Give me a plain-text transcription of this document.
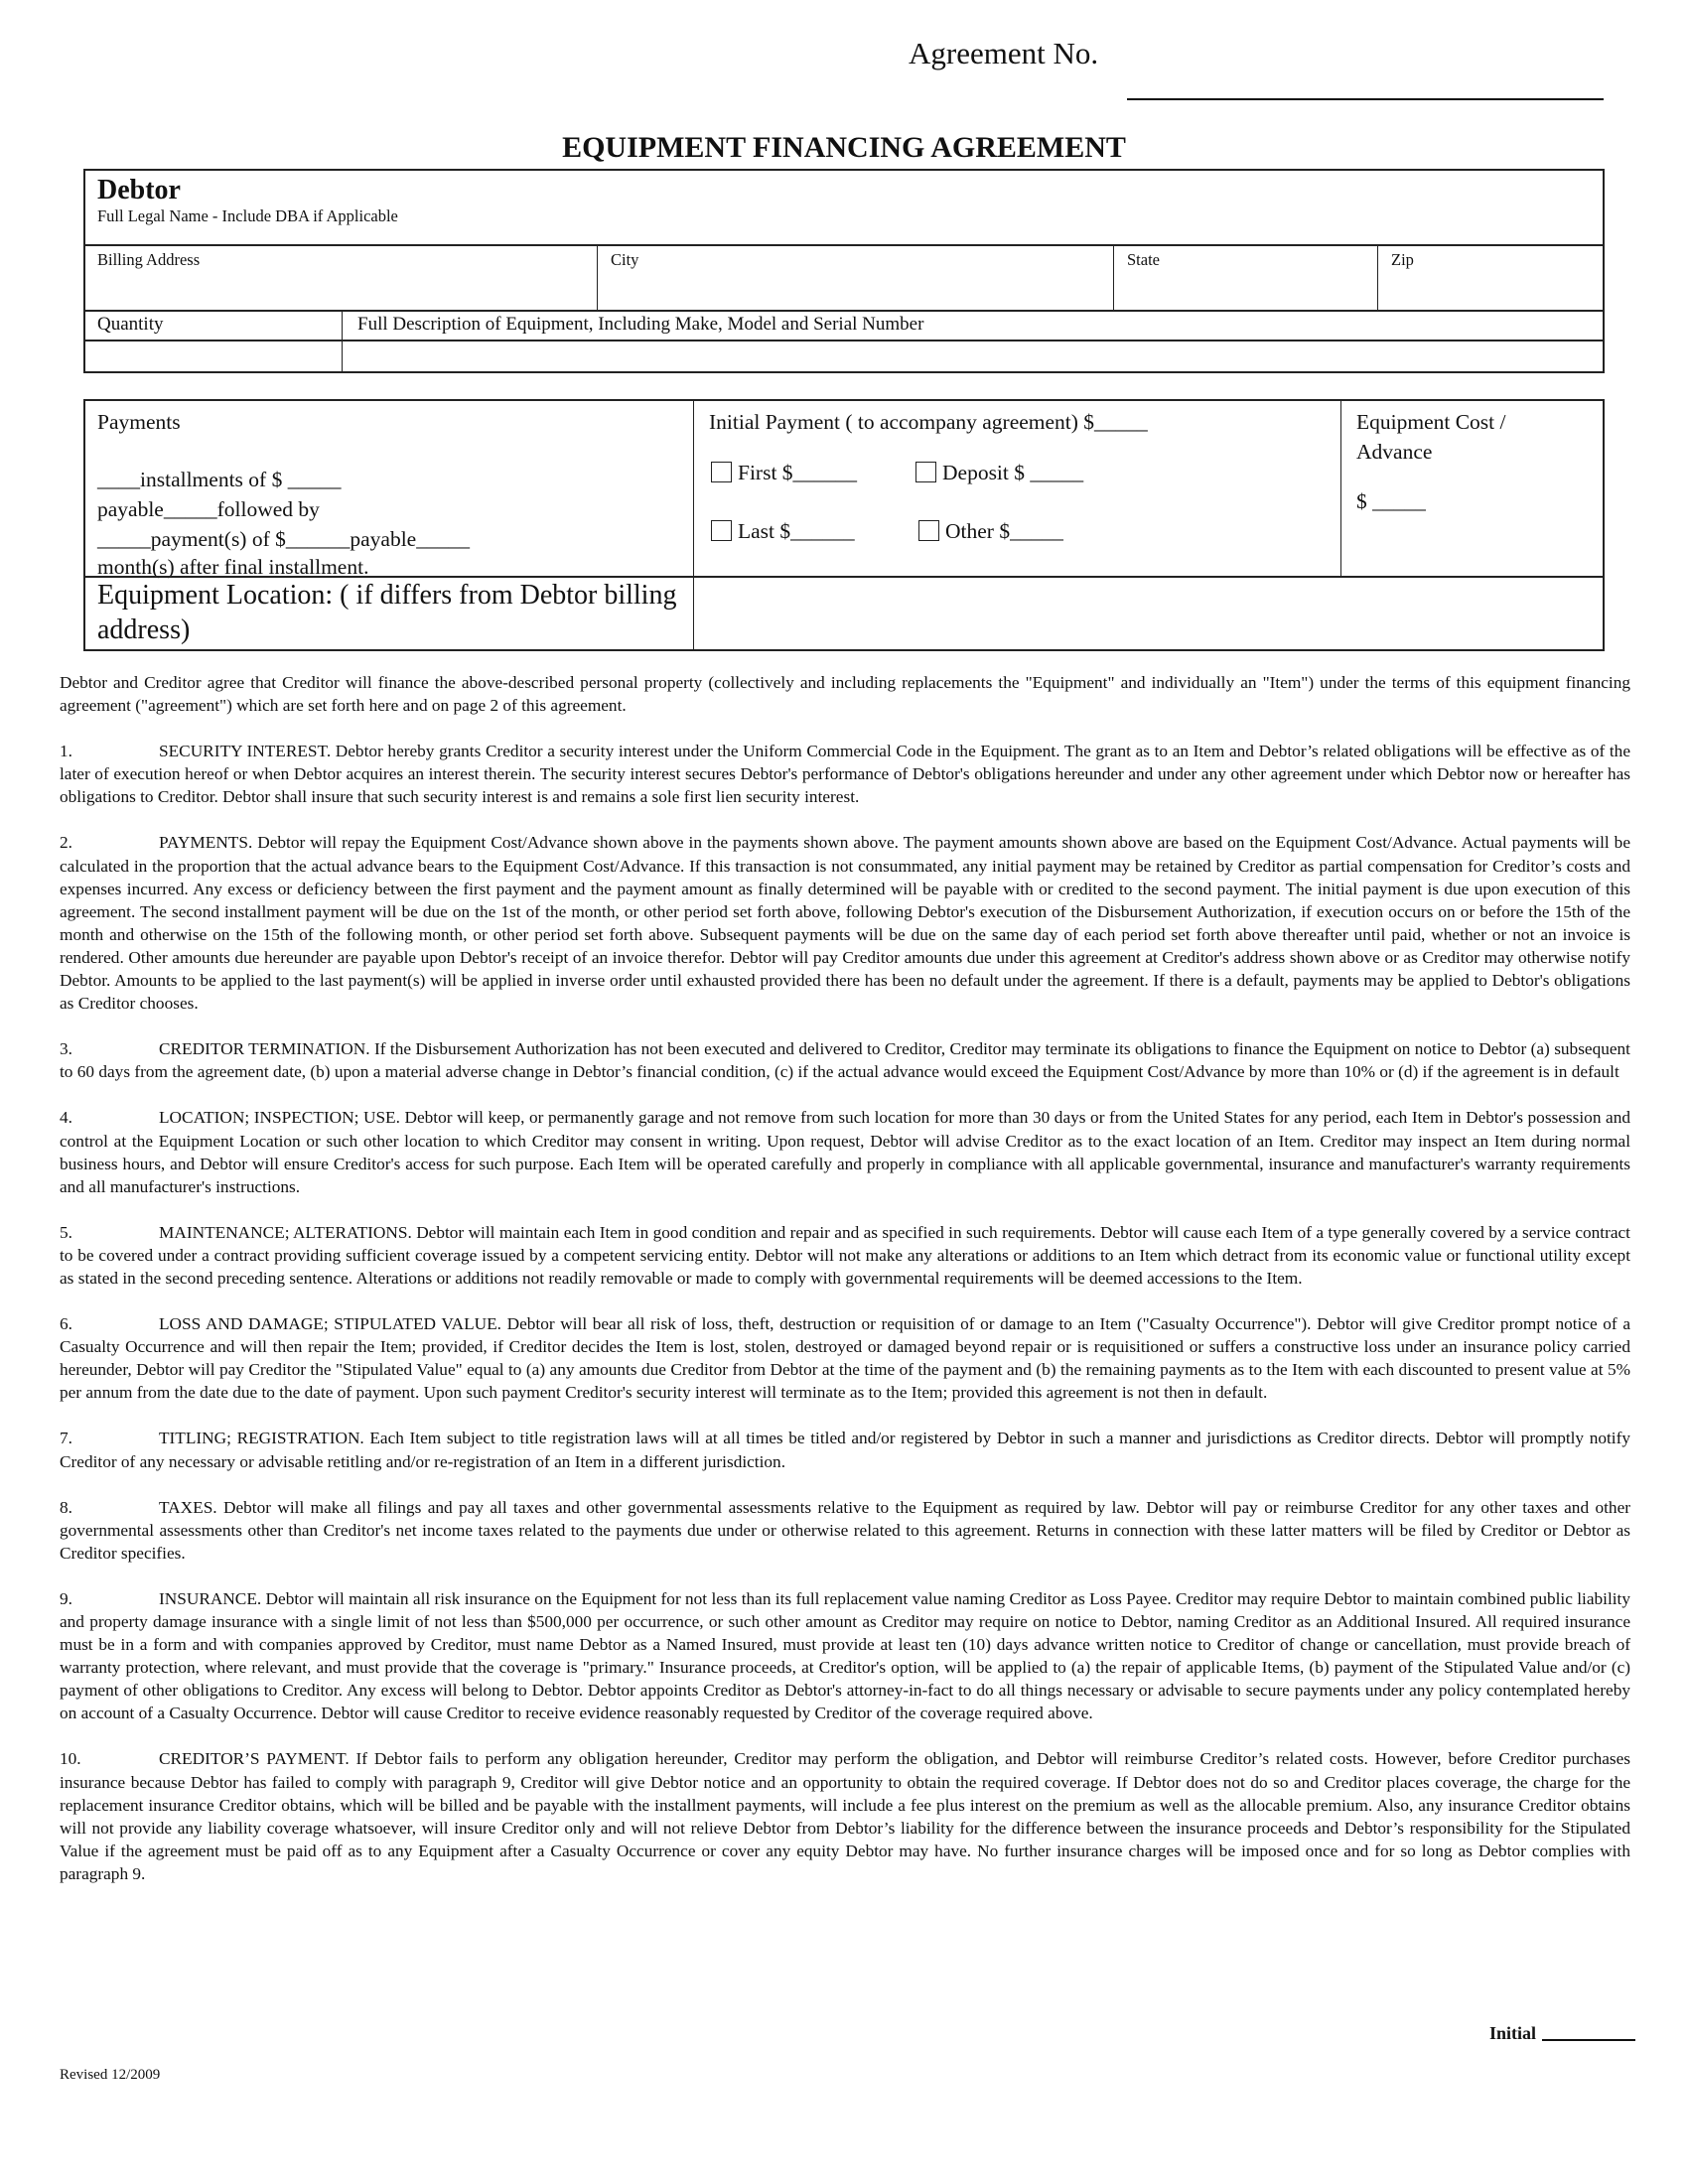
Agreement No.
EQUIPMENT FINANCING AGREEMENT
Debtor
Full Legal Name - Include DBA if Applicable
Billing Address	City	State	Zip
Quantity	Full Description of Equipment, Including Make, Model and Serial Number
Payments
____installments of $ _____
payable_____followed by
_____payment(s) of $______payable_____
month(s) after final installment.
Initial Payment ( to accompany agreement) $_____
First $______	Deposit $ _____
Last $______	Other $_____
Equipment Cost /
Advance
$ _____
Equipment Location: ( if differs from Debtor billing address)

Debtor and Creditor agree that Creditor will finance the above-described personal property (collectively and including replacements the "Equipment" and individually an "Item") under the terms of this equipment financing agreement ("agreement") which are set forth here and on page 2 of this agreement.

1.	SECURITY INTEREST. Debtor hereby grants Creditor a security interest under the Uniform Commercial Code in the Equipment. The grant as to an Item and Debtor’s related obligations will be effective as of the later of execution hereof or when Debtor acquires an interest therein. The security interest secures Debtor's performance of Debtor's obligations hereunder and under any other agreement under which Debtor now or hereafter has obligations to Creditor. Debtor shall insure that such security interest is and remains a sole first lien security interest.

2.	PAYMENTS. Debtor will repay the Equipment Cost/Advance shown above in the payments shown above. The payment amounts shown above are based on the Equipment Cost/Advance. Actual payments will be calculated in the proportion that the actual advance bears to the Equipment Cost/Advance. If this transaction is not consummated, any initial payment may be retained by Creditor as partial compensation for Creditor’s costs and expenses incurred. Any excess or deficiency between the first payment and the payment amount as finally determined will be payable with or credited to the second payment. The initial payment is due upon execution of this agreement. The second installment payment will be due on the 1st of the month, or other period set forth above, following Debtor's execution of the Disbursement Authorization, if execution occurs on or before the 15th of the month and otherwise on the 15th of the following month, or other period set forth above. Subsequent payments will be due on the same day of each period set forth above thereafter until paid, whether or not an invoice is rendered. Other amounts due hereunder are payable upon Debtor's receipt of an invoice therefor. Debtor will pay Creditor amounts due under this agreement at Creditor's address shown above or as Creditor may otherwise notify Debtor. Amounts to be applied to the last payment(s) will be applied in inverse order until exhausted provided there has been no default under the agreement. If there is a default, payments may be applied to Debtor's obligations as Creditor chooses.

3.	CREDITOR TERMINATION. If the Disbursement Authorization has not been executed and delivered to Creditor, Creditor may terminate its obligations to finance the Equipment on notice to Debtor (a) subsequent to 60 days from the agreement date, (b) upon a material adverse change in Debtor’s financial condition, (c) if the actual advance would exceed the Equipment Cost/Advance by more than 10% or (d) if the agreement is in default

4.	LOCATION; INSPECTION; USE. Debtor will keep, or permanently garage and not remove from such location for more than 30 days or from the United States for any period, each Item in Debtor's possession and control at the Equipment Location or such other location to which Creditor may consent in writing. Upon request, Debtor will advise Creditor as to the exact location of an Item. Creditor may inspect an Item during normal business hours, and Debtor will ensure Creditor's access for such purpose. Each Item will be operated carefully and properly in compliance with all applicable governmental, insurance and manufacturer's warranty requirements and all manufacturer's instructions.

5.	MAINTENANCE; ALTERATIONS. Debtor will maintain each Item in good condition and repair and as specified in such requirements. Debtor will cause each Item of a type generally covered by a service contract to be covered under a contract providing sufficient coverage issued by a competent servicing entity. Debtor will not make any alterations or additions to an Item which detract from its economic value or functional utility except as stated in the second preceding sentence. Alterations or additions not readily removable or made to comply with governmental requirements will be deemed accessions to the Item.

6.	LOSS AND DAMAGE; STIPULATED VALUE. Debtor will bear all risk of loss, theft, destruction or requisition of or damage to an Item ("Casualty Occurrence"). Debtor will give Creditor prompt notice of a Casualty Occurrence and will then repair the Item; provided, if Creditor decides the Item is lost, stolen, destroyed or damaged beyond repair or is requisitioned or suffers a constructive loss under an insurance policy carried hereunder, Debtor will pay Creditor the "Stipulated Value" equal to (a) any amounts due Creditor from Debtor at the time of the payment and (b) the remaining payments as to the Item with each discounted to present value at 5% per annum from the date due to the date of payment. Upon such payment Creditor's security interest will terminate as to the Item; provided this agreement is not then in default.

7.	TITLING; REGISTRATION. Each Item subject to title registration laws will at all times be titled and/or registered by Debtor in such a manner and jurisdictions as Creditor directs. Debtor will promptly notify Creditor of any necessary or advisable retitling and/or re-registration of an Item in a different jurisdiction.

8.	TAXES. Debtor will make all filings and pay all taxes and other governmental assessments relative to the Equipment as required by law. Debtor will pay or reimburse Creditor for any other taxes and other governmental assessments other than Creditor's net income taxes related to the payments due under or otherwise related to this agreement. Returns in connection with these latter matters will be filed by Creditor or Debtor as Creditor specifies.

9.	INSURANCE. Debtor will maintain all risk insurance on the Equipment for not less than its full replacement value naming Creditor as Loss Payee. Creditor may require Debtor to maintain combined public liability and property damage insurance with a single limit of not less than $500,000 per occurrence, or such other amount as Creditor may require on notice to Debtor, naming Creditor as an Additional Insured. All required insurance must be in a form and with companies approved by Creditor, must name Debtor as a Named Insured, must provide at least ten (10) days advance written notice to Creditor of change or cancellation, must provide breach of warranty protection, where relevant, and must provide that the coverage is "primary." Insurance proceeds, at Creditor's option, will be applied to (a) the repair of applicable Items, (b) payment of the Stipulated Value and/or (c) payment of other obligations to Creditor. Any excess will belong to Debtor. Debtor appoints Creditor as Debtor's attorney-in-fact to do all things necessary or advisable to secure payments under any policy contemplated hereby on account of a Casualty Occurrence. Debtor will cause Creditor to receive evidence reasonably requested by Creditor of the coverage required above.

10.	CREDITOR’S PAYMENT. If Debtor fails to perform any obligation hereunder, Creditor may perform the obligation, and Debtor will reimburse Creditor’s related costs. However, before Creditor purchases insurance because Debtor has failed to comply with paragraph 9, Creditor will give Debtor notice and an opportunity to obtain the required coverage. If Debtor does not do so and Creditor places coverage, the charge for the replacement insurance Creditor obtains, which will be billed and be payable with the installment payments, will include a fee plus interest on the premium as well as the allocable premium. Also, any insurance Creditor obtains will not provide any liability coverage whatsoever, will insure Creditor only and will not relieve Debtor from Debtor’s liability for the difference between the insurance proceeds and Debtor’s responsibility for the Stipulated Value if the agreement must be paid off as to any Equipment after a Casualty Occurrence or cover any equity Debtor may have. No further insurance charges will be imposed once and for so long as Debtor complies with paragraph 9.

Initial
Revised 12/2009
